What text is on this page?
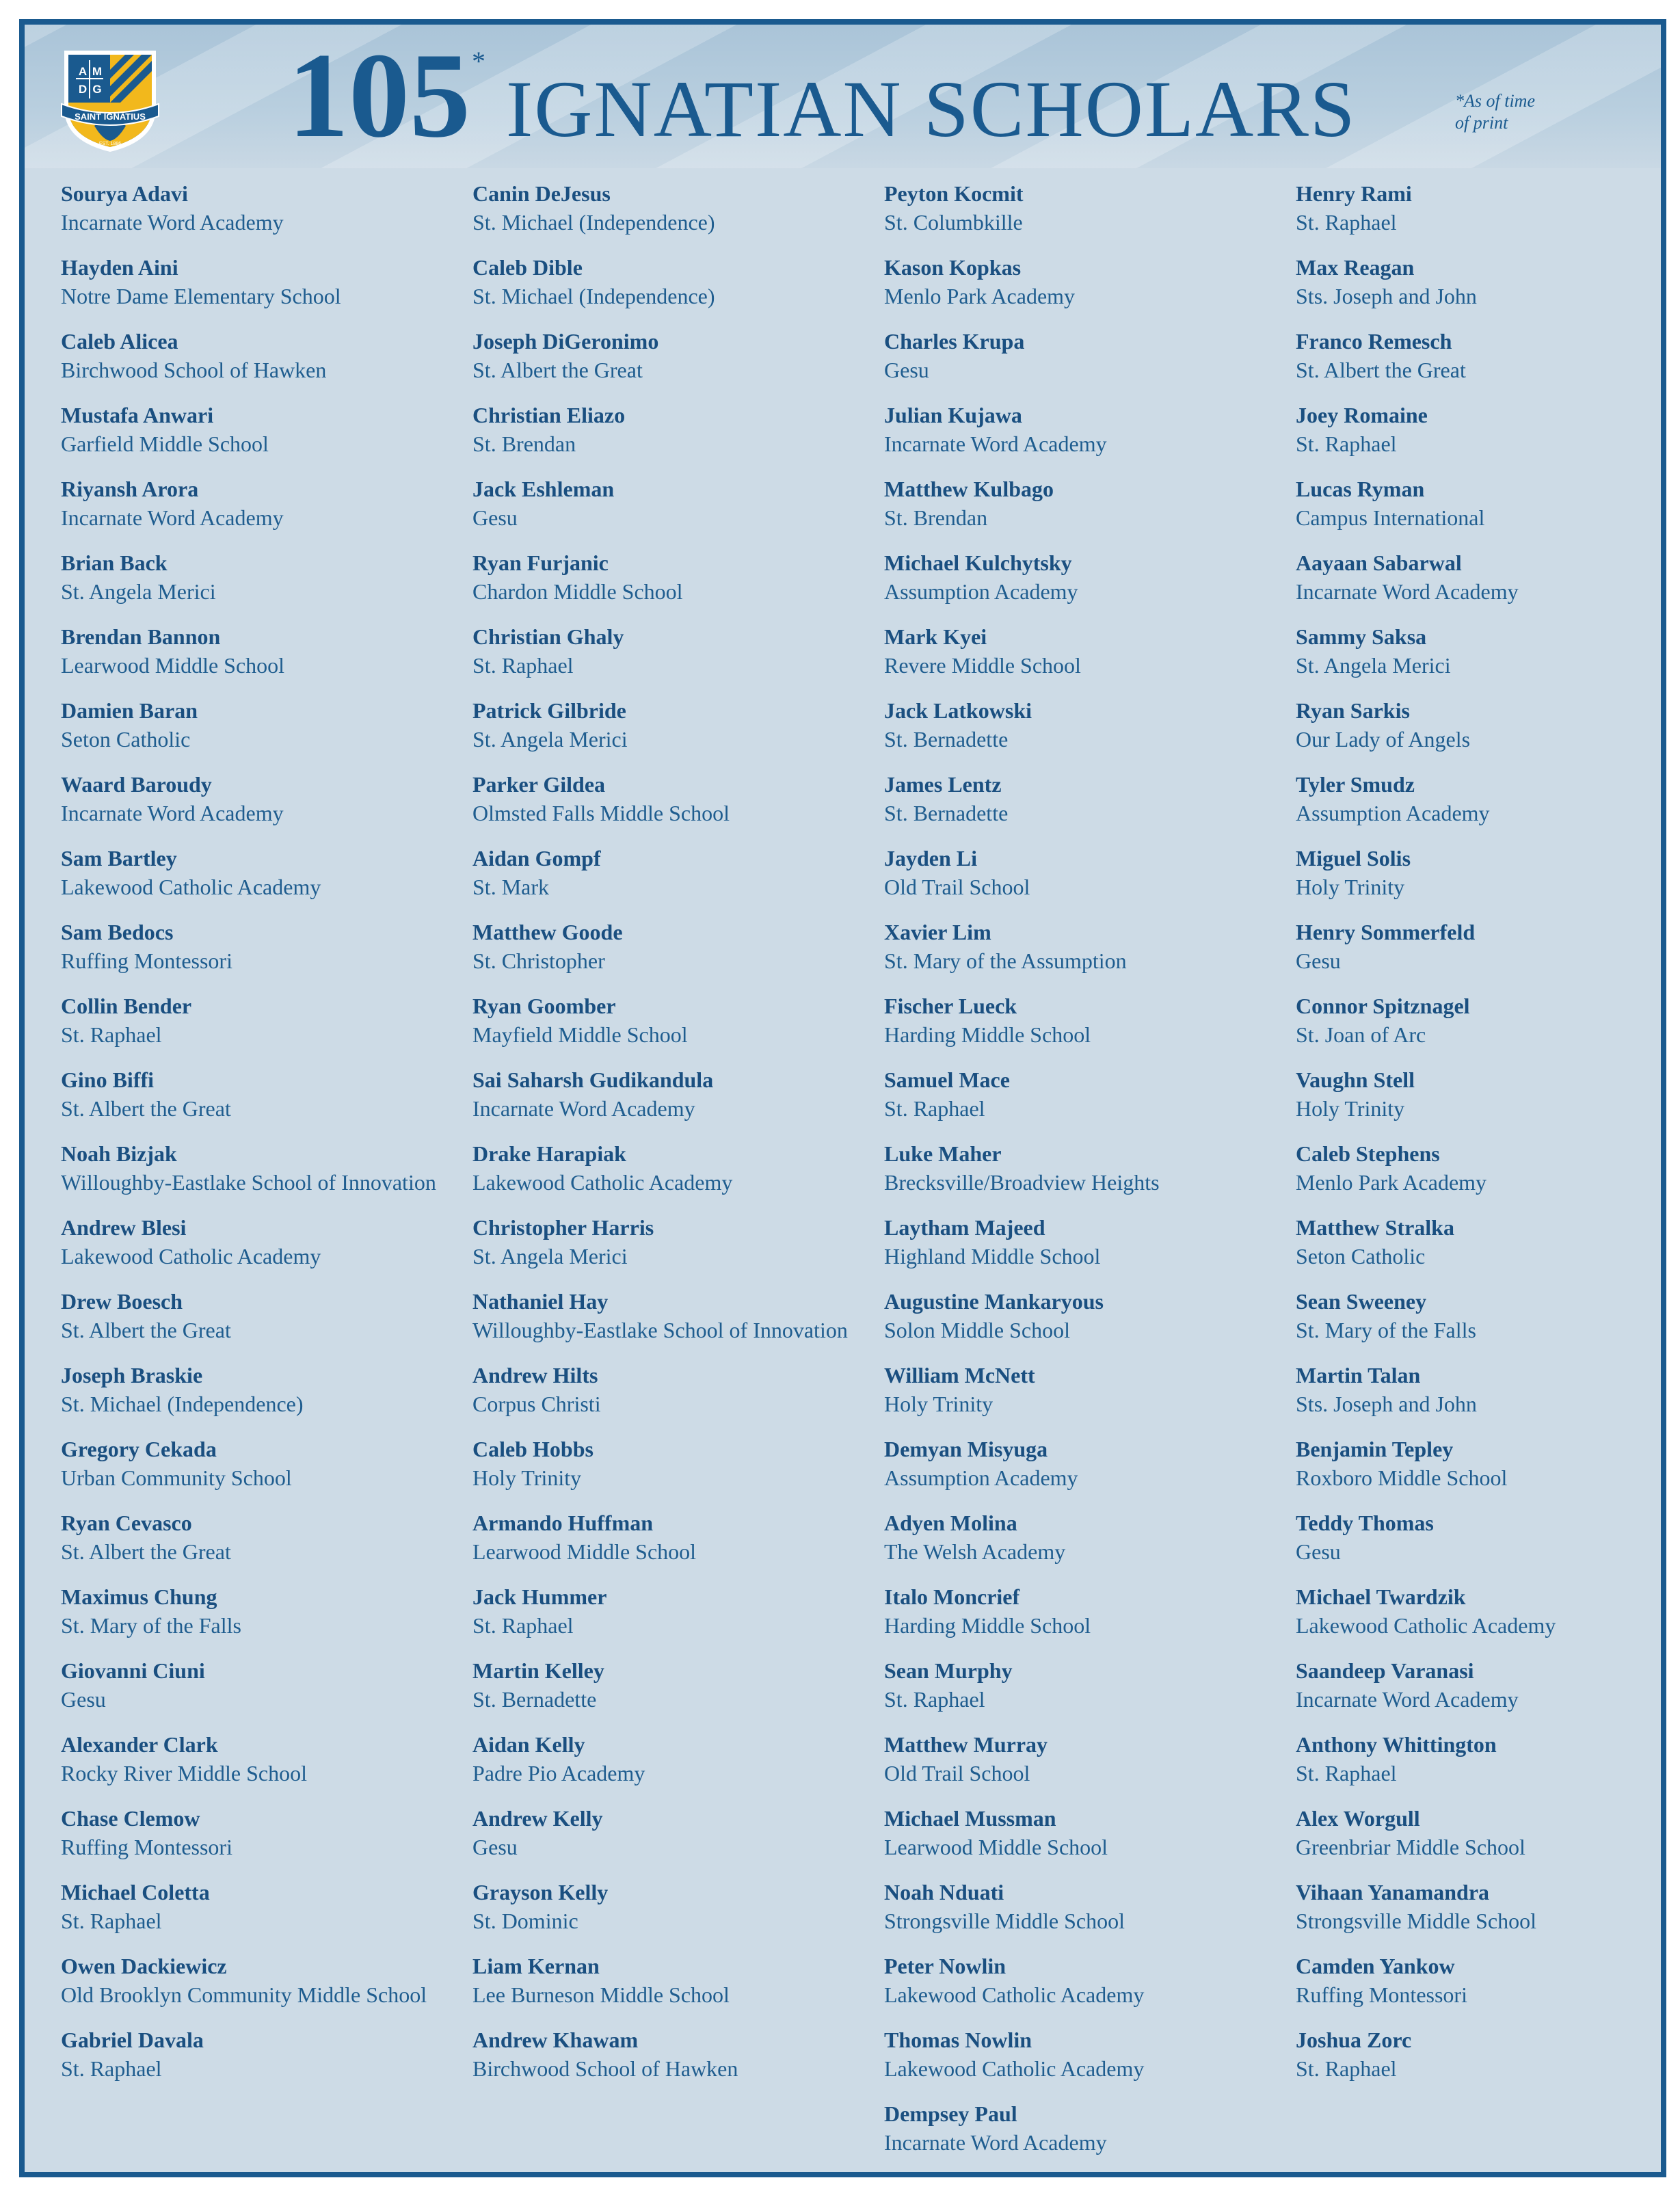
A M
D G
SAINT IGNATIUS
EST. 1886 105*IGNATIAN SCHOLARS	*As of time
of print
Sourya Adavi
Incarnate Word Academy
Hayden Aini
Notre Dame Elementary School
Caleb Alicea
Birchwood School of Hawken
Mustafa Anwari
Garfield Middle School
Riyansh Arora
Incarnate Word Academy
Brian Back
St. Angela Merici
Brendan Bannon
Learwood Middle School
Damien Baran
Seton Catholic
Waard Baroudy
Incarnate Word Academy
Sam Bartley
Lakewood Catholic Academy
Sam Bedocs
Ruffing Montessori
Collin Bender
St. Raphael
Gino Biffi
St. Albert the Great
Noah Bizjak
Willoughby-Eastlake School of Innovation
Andrew Blesi
Lakewood Catholic Academy
Drew Boesch
St. Albert the Great
Joseph Braskie
St. Michael (Independence)
Gregory Cekada
Urban Community School
Ryan Cevasco
St. Albert the Great
Maximus Chung
St. Mary of the Falls
Giovanni Ciuni
Gesu
Alexander Clark
Rocky River Middle School
Chase Clemow
Ruffing Montessori
Michael Coletta
St. Raphael
Owen Dackiewicz
Old Brooklyn Community Middle School
Gabriel Davala
St. Raphael
Canin DeJesus
St. Michael (Independence)
Caleb Dible
St. Michael (Independence)
Joseph DiGeronimo
St. Albert the Great
Christian Eliazo
St. Brendan
Jack Eshleman
Gesu
Ryan Furjanic
Chardon Middle School
Christian Ghaly
St. Raphael
Patrick Gilbride
St. Angela Merici
Parker Gildea
Olmsted Falls Middle School
Aidan Gompf
St. Mark
Matthew Goode
St. Christopher
Ryan Goomber
Mayfield Middle School
Sai Saharsh Gudikandula
Incarnate Word Academy
Drake Harapiak
Lakewood Catholic Academy
Christopher Harris
St. Angela Merici
Nathaniel Hay
Willoughby-Eastlake School of Innovation
Andrew Hilts
Corpus Christi
Caleb Hobbs
Holy Trinity
Armando Huffman
Learwood Middle School
Jack Hummer
St. Raphael
Martin Kelley
St. Bernadette
Aidan Kelly
Padre Pio Academy
Andrew Kelly
Gesu
Grayson Kelly
St. Dominic
Liam Kernan
Lee Burneson Middle School
Andrew Khawam
Birchwood School of Hawken
Peyton Kocmit
St. Columbkille
Kason Kopkas
Menlo Park Academy
Charles Krupa
Gesu
Julian Kujawa
Incarnate Word Academy
Matthew Kulbago
St. Brendan
Michael Kulchytsky
Assumption Academy
Mark Kyei
Revere Middle School
Jack Latkowski
St. Bernadette
James Lentz
St. Bernadette
Jayden Li
Old Trail School
Xavier Lim
St. Mary of the Assumption
Fischer Lueck
Harding Middle School
Samuel Mace
St. Raphael
Luke Maher
Brecksville/Broadview Heights
Laytham Majeed
Highland Middle School
Augustine Mankaryous
Solon Middle School
William McNett
Holy Trinity
Demyan Misyuga
Assumption Academy
Adyen Molina
The Welsh Academy
Italo Moncrief
Harding Middle School
Sean Murphy
St. Raphael
Matthew Murray
Old Trail School
Michael Mussman
Learwood Middle School
Noah Nduati
Strongsville Middle School
Peter Nowlin
Lakewood Catholic Academy
Thomas Nowlin
Lakewood Catholic Academy
Dempsey Paul
Incarnate Word Academy
Henry Rami
St. Raphael
Max Reagan
Sts. Joseph and John
Franco Remesch
St. Albert the Great
Joey Romaine
St. Raphael
Lucas Ryman
Campus International
Aayaan Sabarwal
Incarnate Word Academy
Sammy Saksa
St. Angela Merici
Ryan Sarkis
Our Lady of Angels
Tyler Smudz
Assumption Academy
Miguel Solis
Holy Trinity
Henry Sommerfeld
Gesu
Connor Spitznagel
St. Joan of Arc
Vaughn Stell
Holy Trinity
Caleb Stephens
Menlo Park Academy
Matthew Stralka
Seton Catholic
Sean Sweeney
St. Mary of the Falls
Martin Talan
Sts. Joseph and John
Benjamin Tepley
Roxboro Middle School
Teddy Thomas
Gesu
Michael Twardzik
Lakewood Catholic Academy
Saandeep Varanasi
Incarnate Word Academy
Anthony Whittington
St. Raphael
Alex Worgull
Greenbriar Middle School
Vihaan Yanamandra
Strongsville Middle School
Camden Yankow
Ruffing Montessori
Joshua Zorc
St. Raphael
